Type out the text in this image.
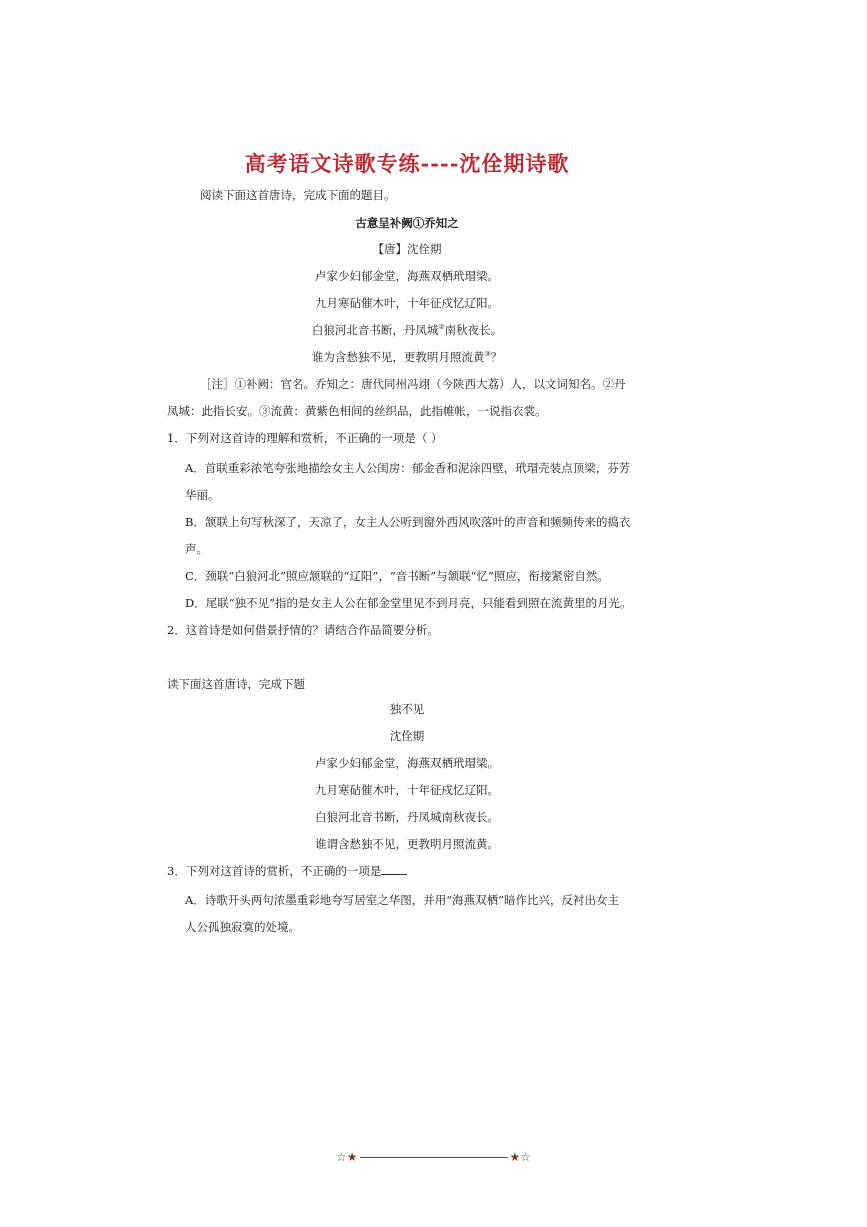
高考语文诗歌专练----沈佺期诗歌
阅读下面这首唐诗，完成下面的题目。
古意呈补阙①乔知之
【唐】沈佺期
卢家少妇郁金堂，海燕双栖玳瑁梁。
九月寒砧催木叶，十年征戍忆辽阳。
白狼河北音书断，丹凤城②南秋夜长。
谁为含愁独不见，更教明月照流黄③？
［注］①补阙：官名。乔知之：唐代同州冯翊（今陕西大荔）人，以文词知名。②丹
凤城：此指长安。③流黄：黄紫色相间的丝织品，此指帷帐，一说指衣裳。
1．下列对这首诗的理解和赏析，不正确的一项是（ ）
A．首联重彩浓笔夸张地描绘女主人公闺房：郁金香和泥涂四壁，玳瑁壳装点顶梁，芬芳
华丽。
B．颔联上句写秋深了，天凉了，女主人公听到窗外西风吹落叶的声音和频频传来的捣衣
声。
C．颈联“白狼河北”照应颔联的“辽阳”，“音书断”与颔联“忆”照应，衔接紧密自然。
D．尾联“独不见”指的是女主人公在郁金堂里见不到月亮，只能看到照在流黄里的月光。
2．这首诗是如何借景抒情的？请结合作品简要分析。
读下面这首唐诗，完成下题
独不见
沈佺期
卢家少妇郁金堂，海燕双栖玳瑁梁。
九月寒砧催木叶，十年征戍忆辽阳。
白狼河北音书断，丹凤城南秋夜长。
谁谓含愁独不见，更教明月照流黄。
3．下列对这首诗的赏析，不正确的一项是
A．诗歌开头两句浓墨重彩地夸写居室之华图，并用“海燕双栖”暗作比兴，反衬出女主
人公孤独寂寞的处境。
☆★	★☆
